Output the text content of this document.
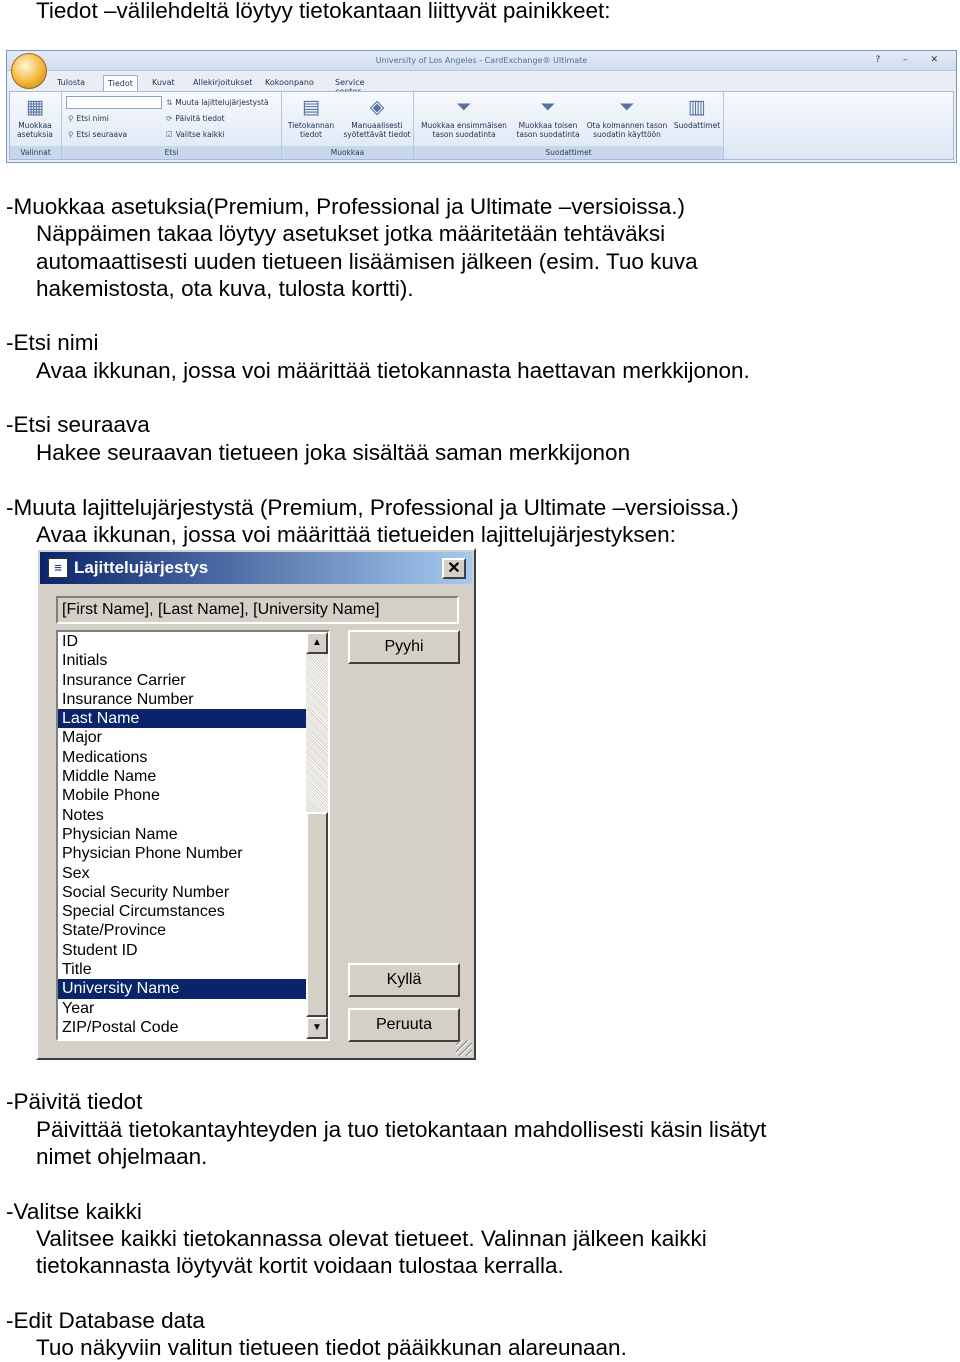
Tiedot –välilehdeltä löytyy tietokantaan liittyvät painikkeet:
University of Los Angeles - CardExchange® Ultimate	? – ✕
Tulosta	Tiedot	Kuvat	Allekirjoitukset	Kokoonpano	Service
▦
Muokkaa asetuksia
Valinnat
⚲ Etsi nimi
⚲ Etsi seuraava
⇅ Muuta lajittelujärjestystä
⟳ Päivitä tiedot
☑ Valitse kaikki
Etsi
▤
Tietokannan tiedot
◈
Manuaalisesti syötettävät tiedot
Muokkaa
⏷
Muokkaa ensimmäisen tason suodatinta
⏷
Muokkaa toisen tason suodatinta
⏷
Ota kolmannen tason suodatin käyttöön
▥
Suodattimet
Suodattimet
-Muokkaa asetuksia(Premium, Professional ja Ultimate –versioissa.)
Näppäimen takaa löytyy asetukset jotka määritetään tehtäväksi
automaattisesti uuden tietueen lisäämisen jälkeen (esim. Tuo kuva
hakemistosta, ota kuva, tulosta kortti).
-Etsi nimi
Avaa ikkunan, jossa voi määrittää tietokannasta haettavan merkkijonon.
-Etsi seuraava
Hakee seuraavan tietueen joka sisältää saman merkkijonon
-Muuta lajittelujärjestystä (Premium, Professional ja Ultimate –versioissa.)
Avaa ikkunan, jossa voi määrittää tietueiden lajittelujärjestyksen:
≡ Lajittelujärjestys	✕
[First Name], [Last Name], [University Name]
ID
Initials
Insurance Carrier
Insurance Number
Last Name
Major
Medications
Middle Name
Mobile Phone
Notes
Physician Name
Physician Phone Number
Sex
Social Security Number
Special Circumstances
State/Province
Student ID
Title
University Name
Year
ZIP/Postal Code
▲
▼
Pyyhi
Kyllä
Peruuta
-Päivitä tiedot
Päivittää tietokantayhteyden ja tuo tietokantaan mahdollisesti käsin lisätyt
nimet ohjelmaan.
-Valitse kaikki
Valitsee kaikki tietokannassa olevat tietueet. Valinnan jälkeen kaikki
tietokannasta löytyvät kortit voidaan tulostaa kerralla.
-Edit Database data
Tuo näkyviin valitun tietueen tiedot pääikkunan alareunaan.
